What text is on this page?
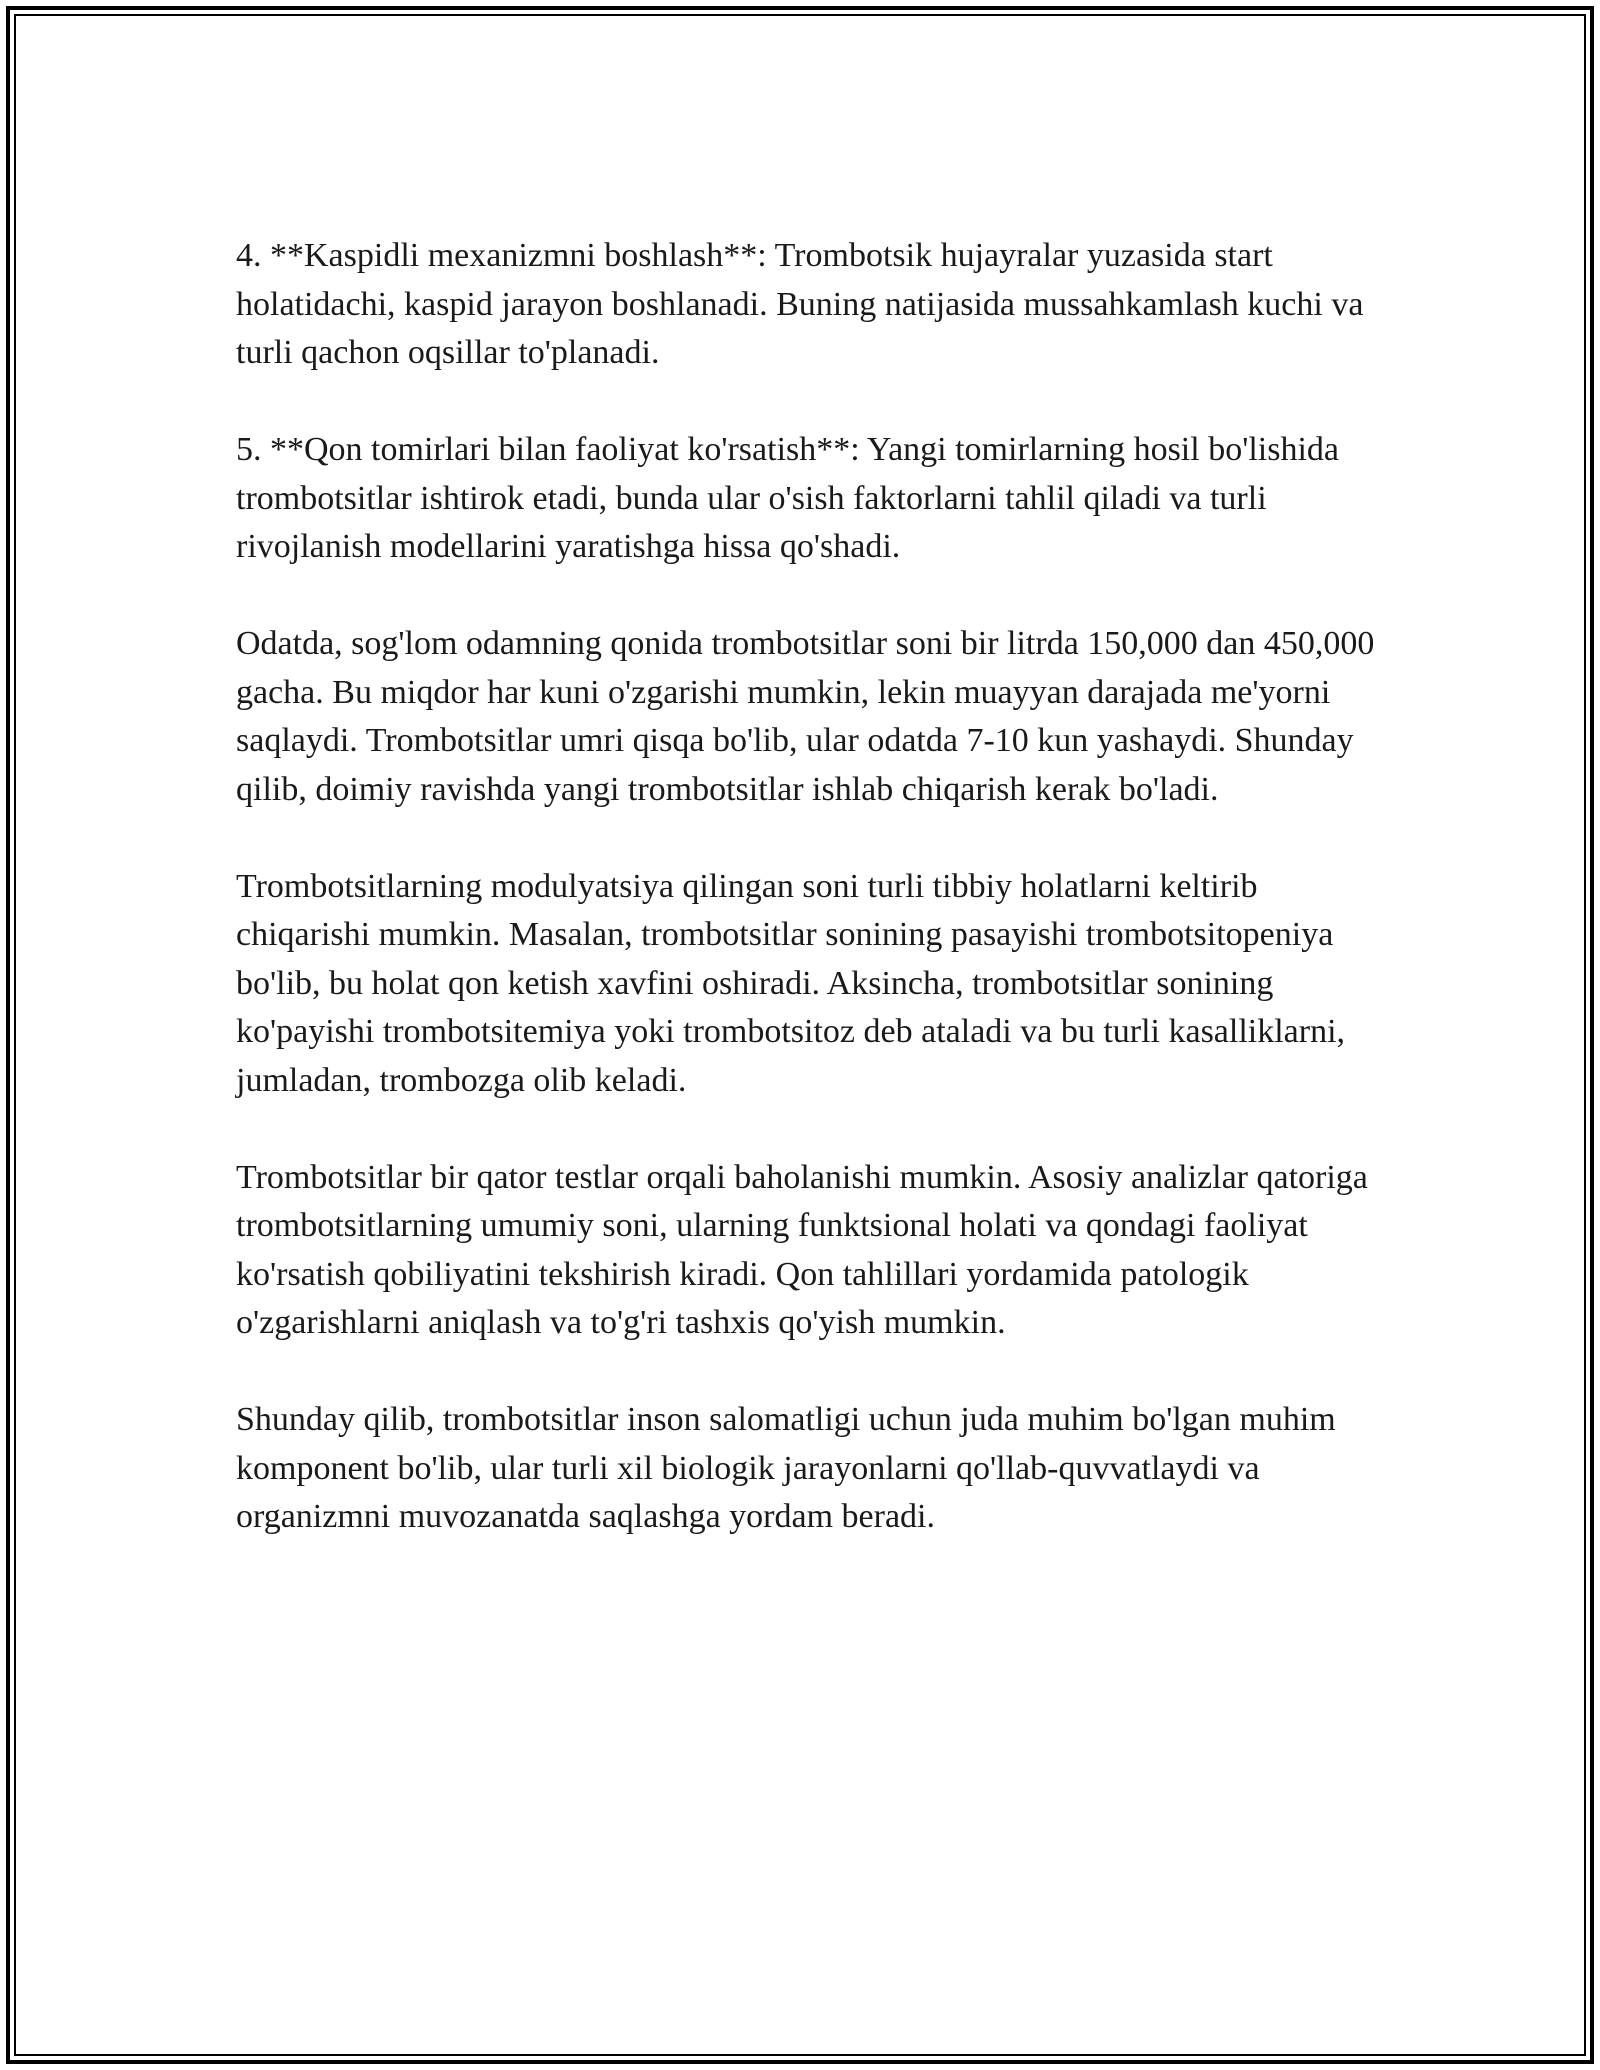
4. **Kaspidli mexanizmni boshlash**: Trombotsik hujayralar yuzasida start holatidachi, kaspid jarayon boshlanadi. Buning natijasida mussahkamlash kuchi va turli qachon oqsillar to'planadi.

5. **Qon tomirlari bilan faoliyat ko'rsatish**: Yangi tomirlarning hosil bo'lishida trombotsitlar ishtirok etadi, bunda ular o'sish faktorlarni tahlil qiladi va turli rivojlanish modellarini yaratishga hissa qo'shadi.

Odatda, sog'lom odamning qonida trombotsitlar soni bir litrda 150,000 dan 450,000 gacha. Bu miqdor har kuni o'zgarishi mumkin, lekin muayyan darajada me'yorni saqlaydi. Trombotsitlar umri qisqa bo'lib, ular odatda 7-10 kun yashaydi. Shunday qilib, doimiy ravishda yangi trombotsitlar ishlab chiqarish kerak bo'ladi.

Trombotsitlarning modulyatsiya qilingan soni turli tibbiy holatlarni keltirib chiqarishi mumkin. Masalan, trombotsitlar sonining pasayishi trombotsitopeniya bo'lib, bu holat qon ketish xavfini oshiradi. Aksincha, trombotsitlar sonining ko'payishi trombotsitemiya yoki trombotsitoz deb ataladi va bu turli kasalliklarni, jumladan, trombozga olib keladi.

Trombotsitlar bir qator testlar orqali baholanishi mumkin. Asosiy analizlar qatoriga trombotsitlarning umumiy soni, ularning funktsional holati va qondagi faoliyat ko'rsatish qobiliyatini tekshirish kiradi. Qon tahlillari yordamida patologik o'zgarishlarni aniqlash va to'g'ri tashxis qo'yish mumkin.

Shunday qilib, trombotsitlar inson salomatligi uchun juda muhim bo'lgan muhim komponent bo'lib, ular turli xil biologik jarayonlarni qo'llab-quvvatlaydi va organizmni muvozanatda saqlashga yordam beradi.
